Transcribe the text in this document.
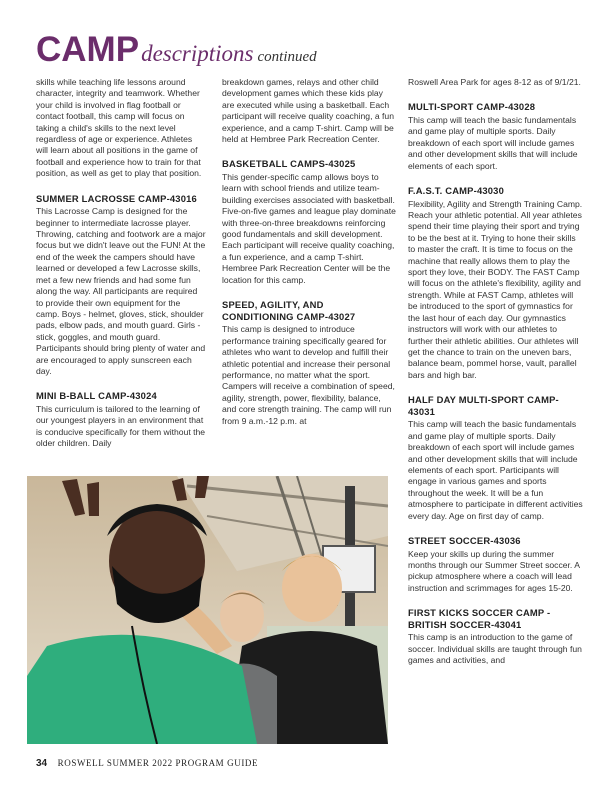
CAMPdescriptions continued

skills while teaching life lessons around character, integrity and teamwork. Whether your child is involved in flag football or contact football, this camp will focus on taking a child's skills to the next level regardless of age or experience. Athletes will learn about all positions in the game of football and experience how to train for that position, as well as get to play that position.

SUMMER LACROSSE CAMP-43016

This Lacrosse Camp is designed for the beginner to intermediate lacrosse player. Throwing, catching and footwork are a major focus but we didn't leave out the FUN! At the end of the week the campers should have learned or developed a few Lacrosse skills, met a few new friends and had some fun along the way. All participants are required to provide their own equipment for the camp. Boys - helmet, gloves, stick, shoulder pads, elbow pads, and mouth guard. Girls - stick, goggles, and mouth guard. Participants should bring plenty of water and are encouraged to apply sunscreen each day.

MINI B-BALL CAMP-43024

This curriculum is tailored to the learning of our youngest players in an environment that is conducive specifically for them without the older children. Daily

breakdown games, relays and other child development games which these kids play are executed while using a basketball. Each participant will receive quality coaching, a fun experience, and a camp T-shirt. Camp will be held at Hembree Park Recreation Center.

BASKETBALL CAMPS-43025

This gender-specific camp allows boys to learn with school friends and utilize team-building exercises associated with basketball. Five-on-five games and league play dominate with three-on-three breakdowns reinforcing good fundamentals and skill development. Each participant will receive quality coaching, a fun experience, and a camp T-shirt. Hembree Park Recreation Center will be the location for this camp.

SPEED, AGILITY, AND CONDITIONING CAMP-43027

This camp is designed to introduce performance training specifically geared for athletes who want to develop and fulfill their athletic potential and increase their personal performance, no matter what the sport. Campers will receive a combination of speed, agility, strength, power, flexibility, balance, and core strength training. The camp will run from 9 a.m.-12 p.m. at

Roswell Area Park for ages 8-12 as of 9/1/21.

MULTI-SPORT CAMP-43028

This camp will teach the basic fundamentals and game play of multiple sports. Daily breakdown of each sport will include games and other development skills that will include elements of each sport.

F.A.S.T. CAMP-43030

Flexibility, Agility and Strength Training Camp. Reach your athletic potential. All year athletes spend their time playing their sport and trying to be the best at it. Trying to hone their skills to master the craft. It is time to focus on the machine that really allows them to play the sport they love, their BODY. The FAST Camp will focus on the athlete's flexibility, agility and strength. While at FAST Camp, athletes will be introduced to the sport of gymnastics for the last hour of each day. Our gymnastics instructors will work with our athletes to further their athletic abilities. Our athletes will get the chance to train on the uneven bars, balance beam, pommel horse, vault, parallel bars and high bar.

HALF DAY MULTI-SPORT CAMP-43031

This camp will teach the basic fundamentals and game play of multiple sports. Daily breakdown of each sport will include games and other development skills that will include elements of each sport. Participants will engage in various games and sports throughout the week. It will be a fun atmosphere to participate in different activities every day. Age on first day of camp.

STREET SOCCER-43036

Keep your skills up during the summer months through our Summer Street soccer. A pickup atmosphere where a coach will lead instruction and scrimmages for ages 15-20.

FIRST KICKS SOCCER CAMP - BRITISH SOCCER-43041

This camp is an introduction to the game of soccer. Individual skills are taught through fun games and activities, and

34 ROSWELL SUMMER 2022 PROGRAM GUIDE
